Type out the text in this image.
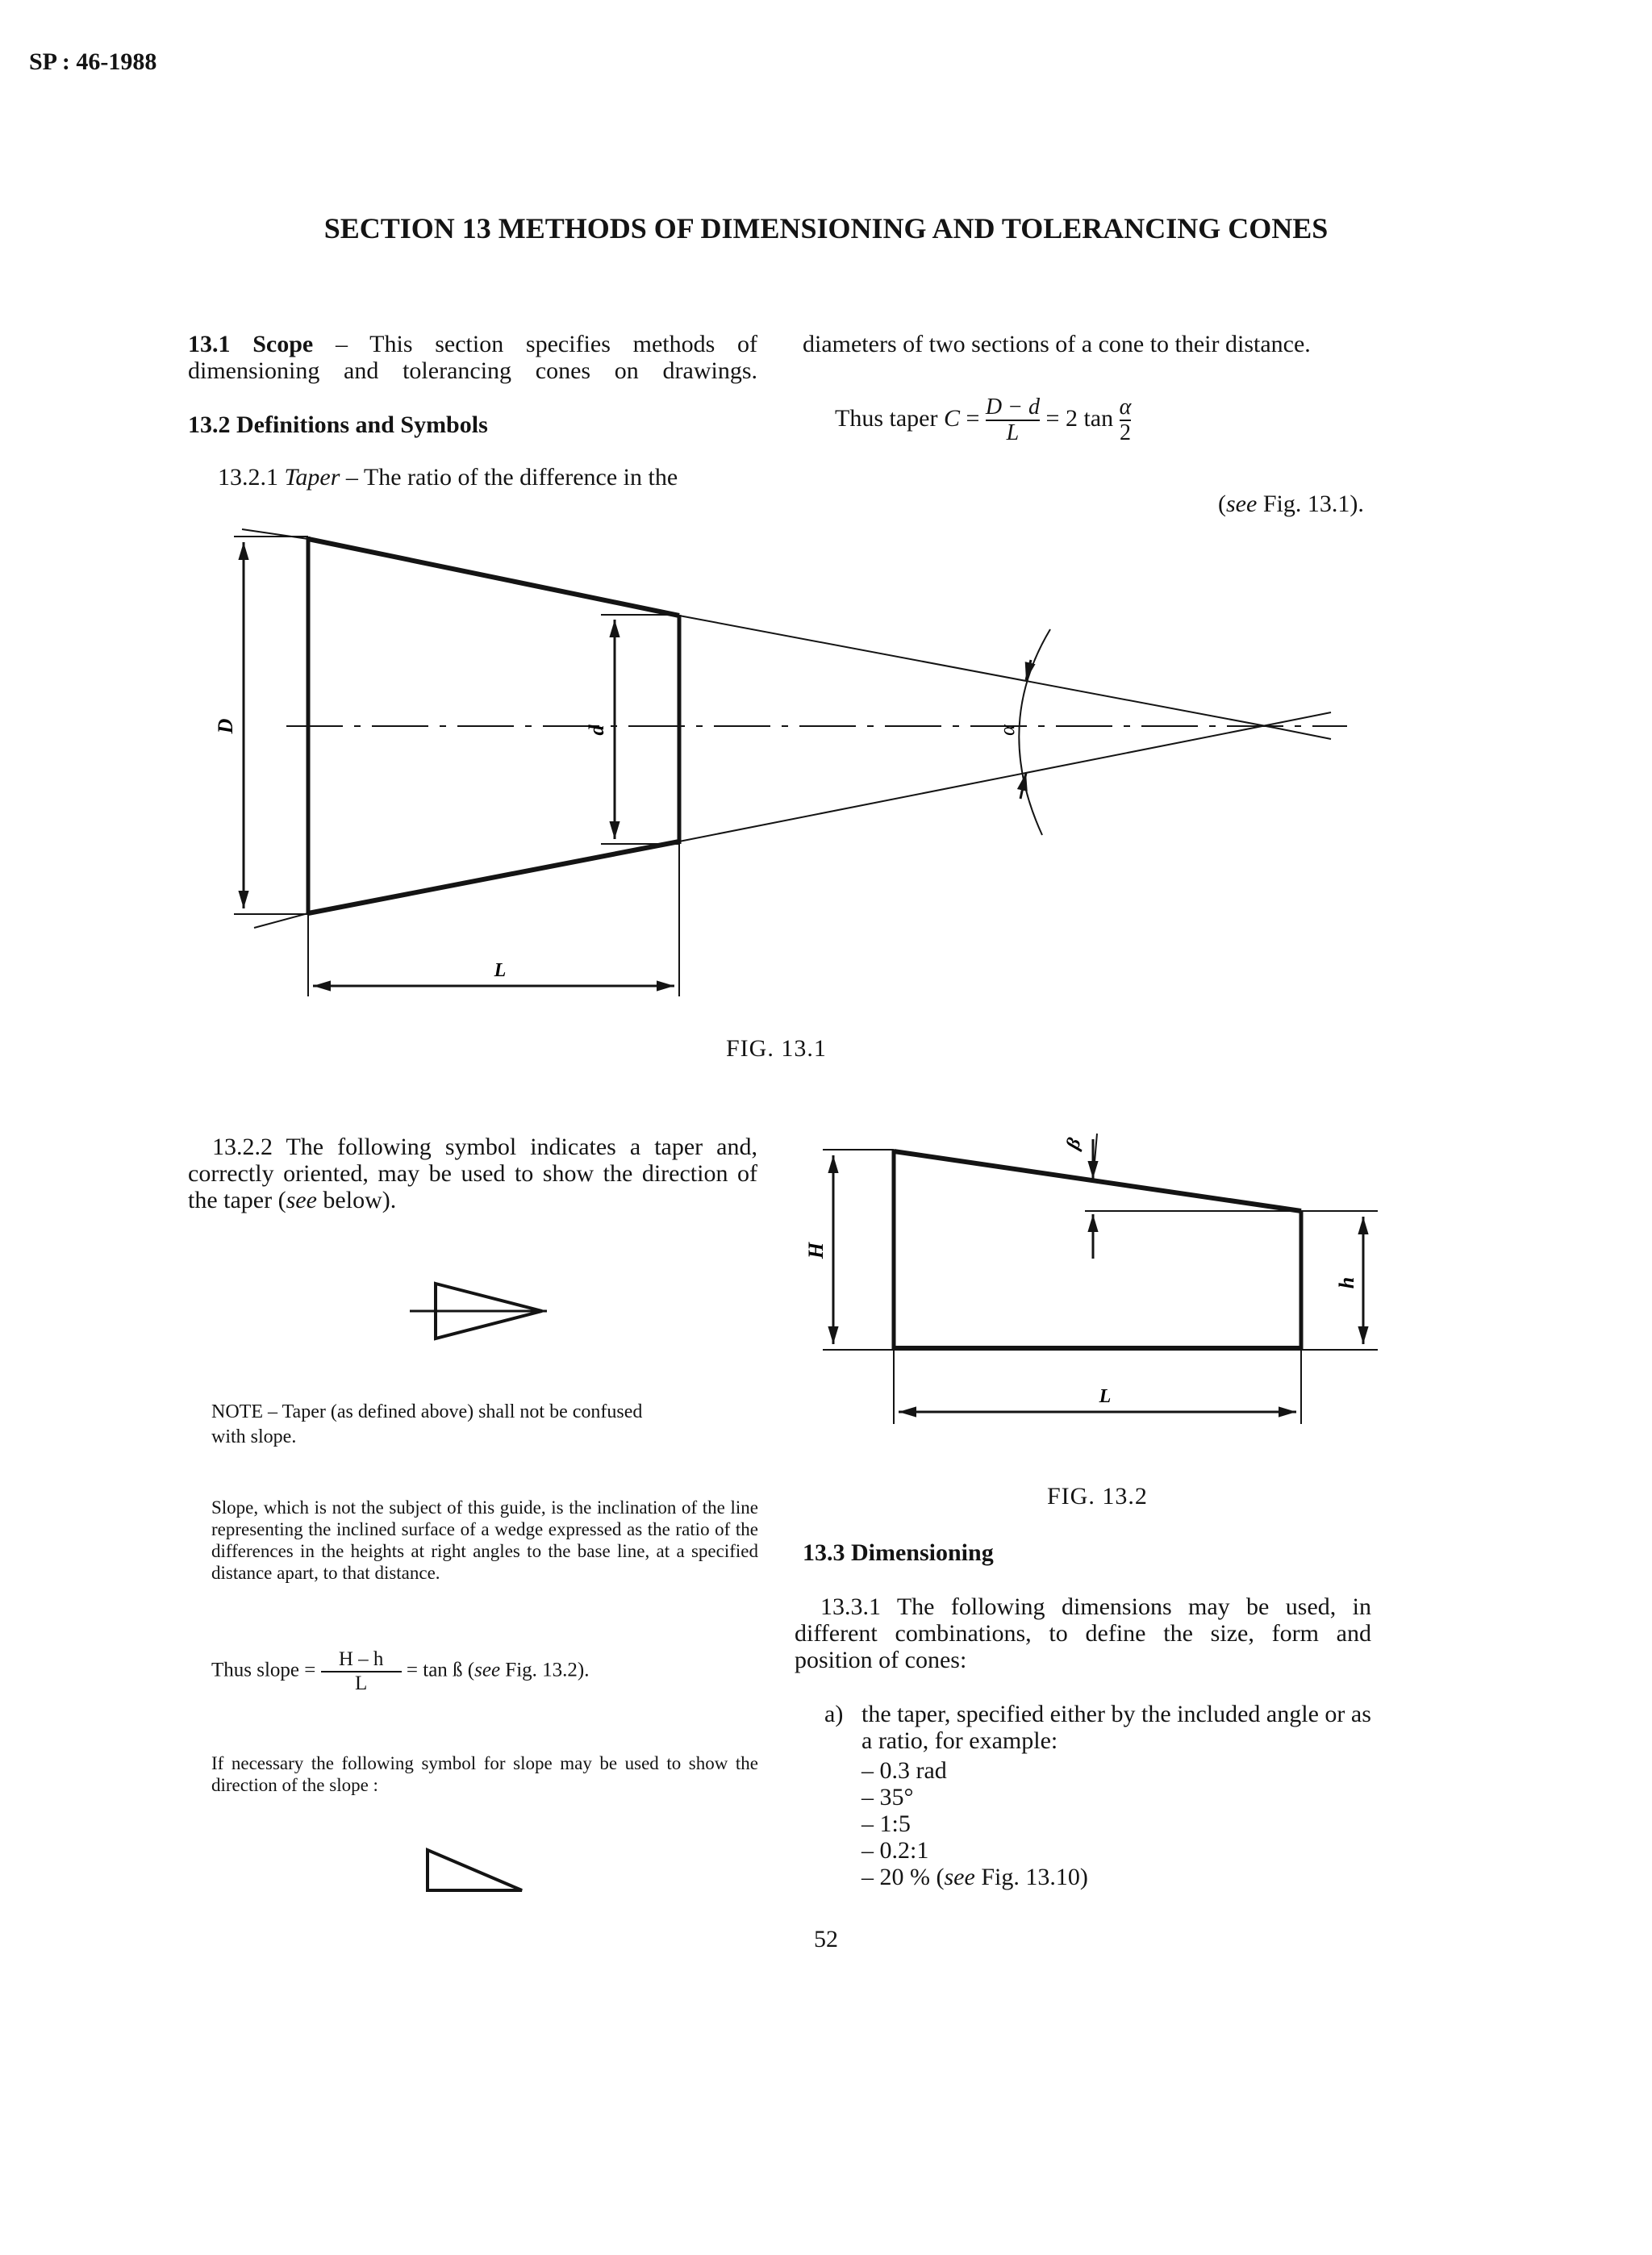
SP : 46-1988
SECTION 13 METHODS OF DIMENSIONING AND TOLERANCING CONES

13.1 Scope – This section specifies methods of dimensioning and tolerancing cones on drawings.

13.2 Definitions and Symbols
13.2.1 Taper – The ratio of the difference in the
diameters of two sections of a cone to their distance.
Thus taper $C = \frac{D - d}{L} = 2$ $\tan \frac{\alpha}{2}$
(see Fig. 13.1).
D	d
L
α
FIG. 13.1

13.2.2 The following symbol indicates a taper and, correctly oriented, may be used to show the direction of the taper (see below).

NOTE – Taper (as defined above) shall not be confused
with slope.
Slope, which is not the subject of this guide, is the inclination of the line representing the inclined surface of a wedge expressed as the ratio of the differences in the heights at right angles to the base line, at a specified distance apart, to that distance.
Thus slope = $\frac{H - h}{L} = \tan$ ß (see Fig. 13.2).
If necessary the following symbol for slope may be used to show the direction of the slope :
H
h
L
β
FIG. 13.2
13.3 Dimensioning

13.3.1 The following dimensions may be used, in different combinations, to define the size, form and position of cones:

a) the taper, specified either by the included angle or as a ratio, for example:
– 0.3 rad
– 35°
– 1:5
– 0.2:1
– 20 % (see Fig. 13.10)
52
